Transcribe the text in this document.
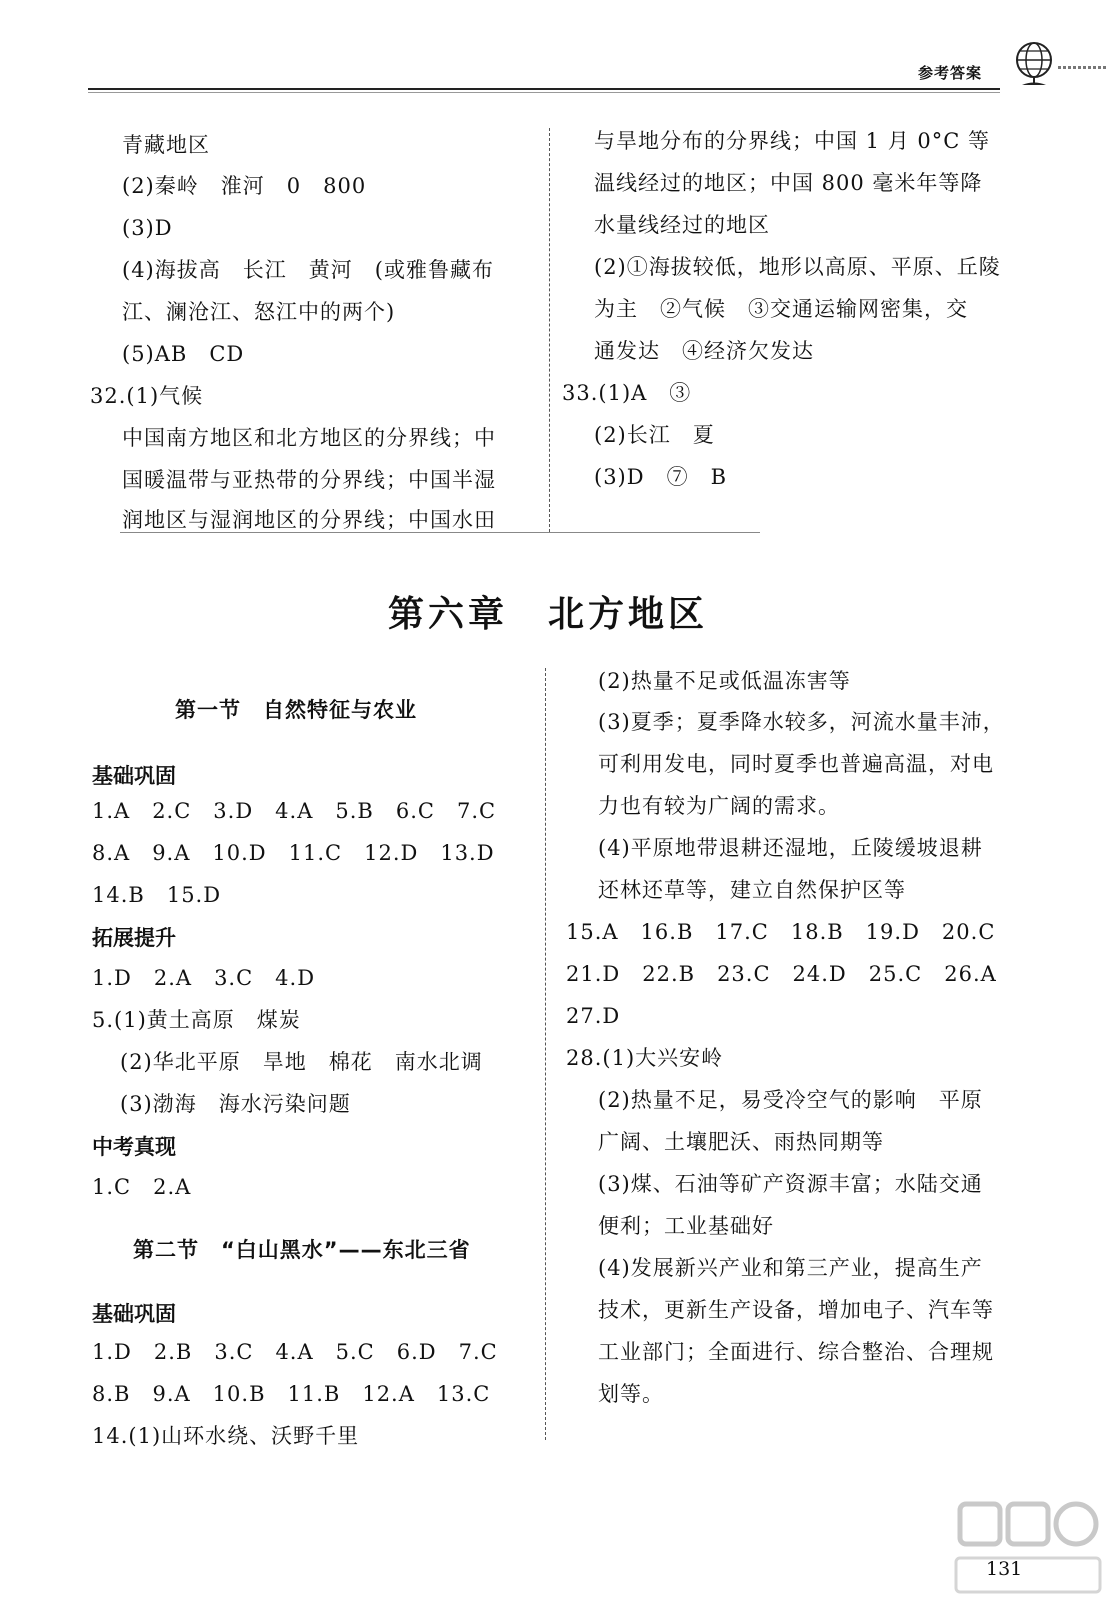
参考答案
青藏地区
(2)秦岭　淮河　0　800
(3)D
(4)海拔高　长江　黄河　(或雅鲁藏布
江、澜沧江、怒江中的两个)
(5)AB　CD
32.(1)气候
中国南方地区和北方地区的分界线；中
国暖温带与亚热带的分界线；中国半湿
润地区与湿润地区的分界线；中国水田
与旱地分布的分界线；中国 1 月 0°C 等
温线经过的地区；中国 800 毫米年等降
水量线经过的地区
(2)①海拔较低，地形以高原、平原、丘陵
为主　②气候　③交通运输网密集，交
通发达　④经济欠发达
33.(1)A　③
(2)长江　夏
(3)D　⑦　B
第六章　北方地区
第一节　自然特征与农业
基础巩固
1.A　2.C　3.D　4.A　5.B　6.C　7.C
8.A　9.A　10.D　11.C　12.D　13.D
14.B　15.D
拓展提升
1.D　2.A　3.C　4.D
5.(1)黄土高原　煤炭
(2)华北平原　旱地　棉花　南水北调
(3)渤海　海水污染问题
中考真现
1.C　2.A
第二节　“白山黑水”——东北三省
基础巩固
1.D　2.B　3.C　4.A　5.C　6.D　7.C
8.B　9.A　10.B　11.B　12.A　13.C
14.(1)山环水绕、沃野千里
(2)热量不足或低温冻害等
(3)夏季；夏季降水较多，河流水量丰沛，
可利用发电，同时夏季也普遍高温，对电
力也有较为广阔的需求。
(4)平原地带退耕还湿地，丘陵缓坡退耕
还林还草等，建立自然保护区等
15.A　16.B　17.C　18.B　19.D　20.C
21.D　22.B　23.C　24.D　25.C　26.A
27.D
28.(1)大兴安岭
(2)热量不足，易受冷空气的影响　平原
广阔、土壤肥沃、雨热同期等
(3)煤、石油等矿产资源丰富；水陆交通
便利；工业基础好
(4)发展新兴产业和第三产业，提高生产
技术，更新生产设备，增加电子、汽车等
工业部门；全面进行、综合整治、合理规
划等。
131
